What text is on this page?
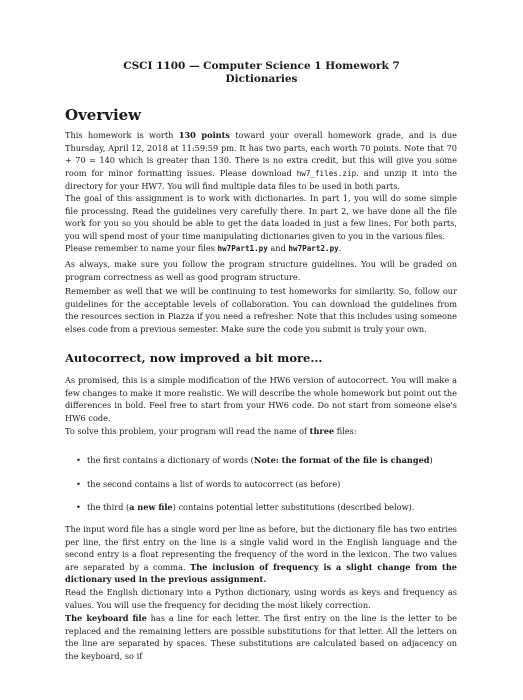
CSCI 1100 — Computer Science 1 Homework 7
Dictionaries
Overview
This homework is worth 130 points toward your overall homework grade, and is due Thursday, April 12, 2018 at 11:59:59 pm. It has two parts, each worth 70 points. Note that 70 + 70 = 140 which is greater than 130. There is no extra credit, but this will give you some room for minor formatting issues. Please download hw7_files.zip. and unzip it into the directory for your HW7. You will find multiple data files to be used in both parts.
The goal of this assignment is to work with dictionaries. In part 1, you will do some simple file processing. Read the guidelines very carefully there. In part 2, we have done all the file work for you so you should be able to get the data loaded in just a few lines. For both parts, you will spend most of your time manipulating dictionaries given to you in the various files.
Please remember to name your files hw7Part1.py and hw7Part2.py.
As always, make sure you follow the program structure guidelines. You will be graded on program correctness as well as good program structure.
Remember as well that we will be continuing to test homeworks for similarity. So, follow our guidelines for the acceptable levels of collaboration. You can download the guidelines from the resources section in Piazza if you need a refresher. Note that this includes using someone elses code from a previous semester. Make sure the code you submit is truly your own.
Autocorrect, now improved a bit more...
As promised, this is a simple modification of the HW6 version of autocorrect. You will make a few changes to make it more realistic. We will describe the whole homework but point out the differences in bold. Feel free to start from your HW6 code. Do not start from someone else's HW6 code.
To solve this problem, your program will read the name of three files:
• the first contains a dictionary of words (Note: the format of the file is changed)
• the second contains a list of words to autocorrect (as before)
• the third (a new file) contains potential letter substitutions (described below).
The input word file has a single word per line as before, but the dictionary file has two entries per line, the first entry on the line is a single valid word in the English language and the second entry is a float representing the frequency of the word in the lexicon. The two values are separated by a comma. The inclusion of frequency is a slight change from the dictionary used in the previous assignment.
Read the English dictionary into a Python dictionary, using words as keys and frequency as values. You will use the frequency for deciding the most likely correction.
The keyboard file has a line for each letter. The first entry on the line is the letter to be replaced and the remaining letters are possible substitutions for that letter. All the letters on the line are separated by spaces. These substitutions are calculated based on adjacency on the keyboard, so if
